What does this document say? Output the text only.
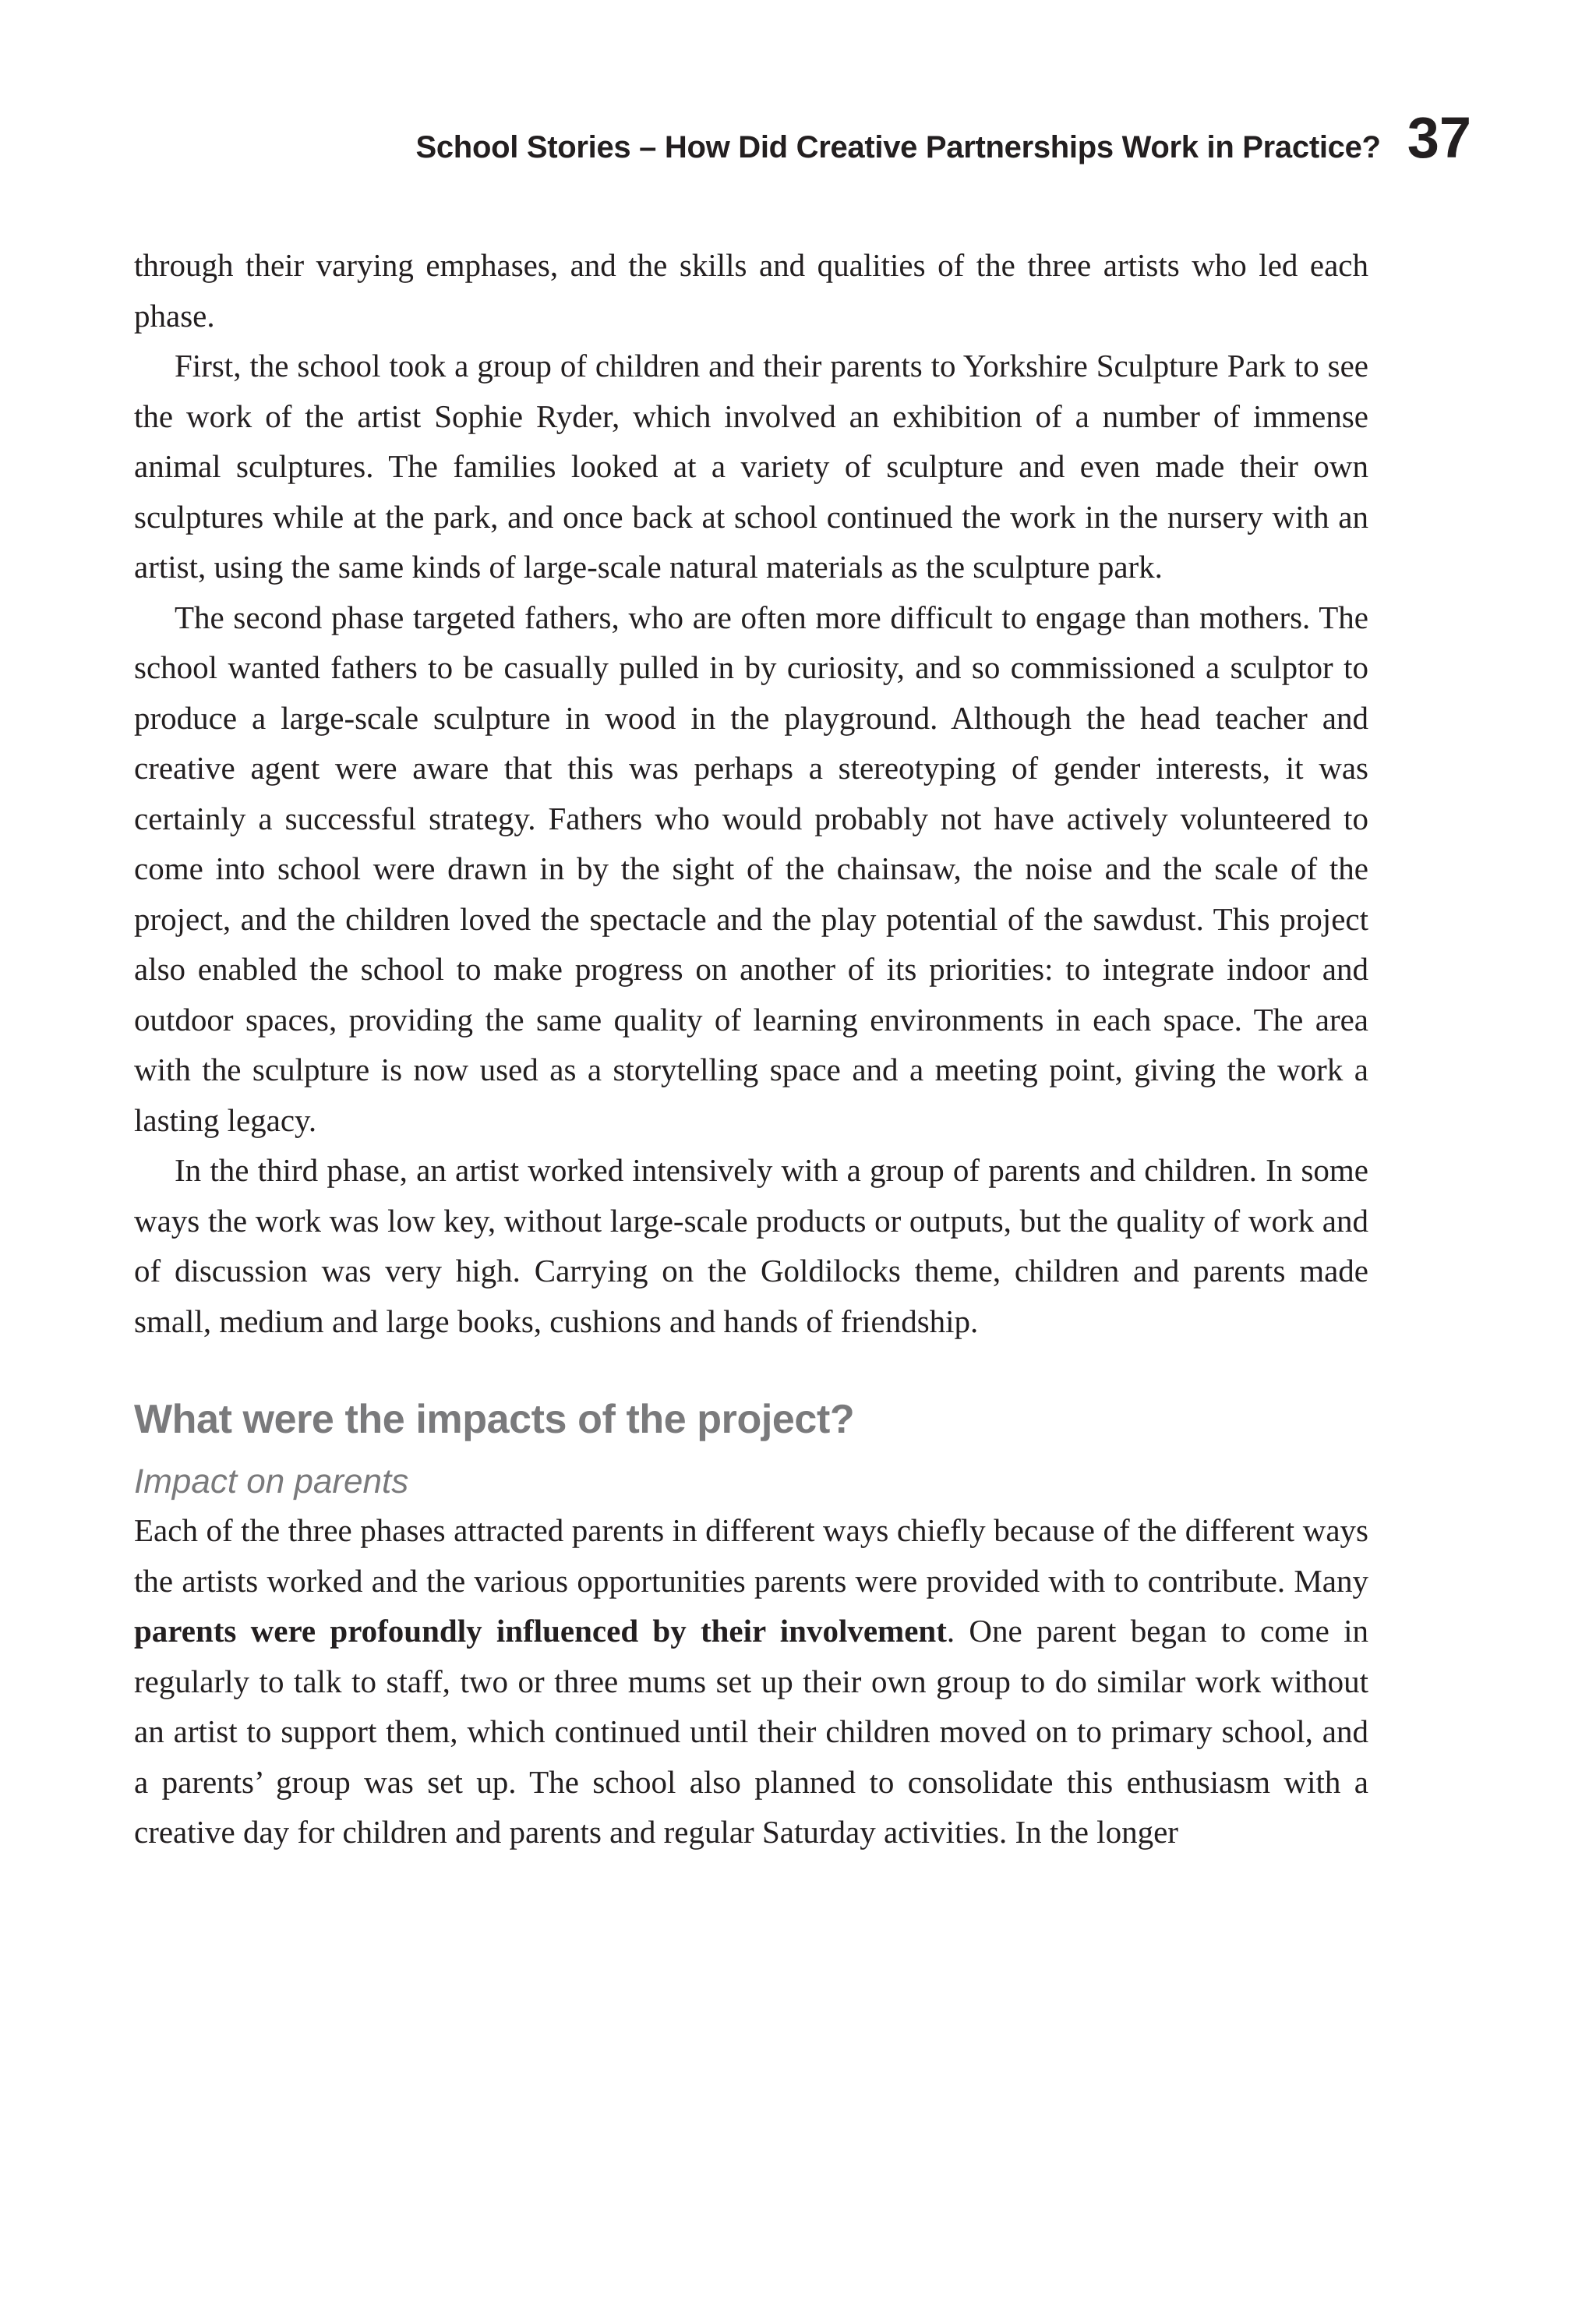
School Stories – How Did Creative Partnerships Work in Practice? 37

through their varying emphases, and the skills and qualities of the three artists who led each phase.

First, the school took a group of children and their parents to Yorkshire Sculpture Park to see the work of the artist Sophie Ryder, which involved an exhibition of a number of immense animal sculptures. The families looked at a variety of sculpture and even made their own sculptures while at the park, and once back at school continued the work in the nursery with an artist, using the same kinds of large-scale natural materials as the sculpture park.

The second phase targeted fathers, who are often more difficult to engage than mothers. The school wanted fathers to be casually pulled in by curiosity, and so commissioned a sculptor to produce a large-scale sculpture in wood in the playground. Although the head teacher and creative agent were aware that this was perhaps a stereotyping of gender interests, it was certainly a successful strategy. Fathers who would probably not have actively volunteered to come into school were drawn in by the sight of the chainsaw, the noise and the scale of the project, and the children loved the spectacle and the play potential of the sawdust. This project also enabled the school to make progress on another of its priorities: to integrate indoor and outdoor spaces, providing the same quality of learning environments in each space. The area with the sculpture is now used as a storytelling space and a meeting point, giving the work a lasting legacy.

In the third phase, an artist worked intensively with a group of parents and children. In some ways the work was low key, without large-scale products or outputs, but the quality of work and of discussion was very high. Carrying on the Goldilocks theme, children and parents made small, medium and large books, cushions and hands of friendship.

What were the impacts of the project?
Impact on parents

Each of the three phases attracted parents in different ways chiefly because of the different ways the artists worked and the various opportunities parents were provided with to contribute. Many parents were profoundly influenced by their involvement. One parent began to come in regularly to talk to staff, two or three mums set up their own group to do similar work without an artist to support them, which continued until their children moved on to primary school, and a parents’ group was set up. The school also planned to consolidate this enthusiasm with a creative day for children and parents and regular Saturday activities. In the longer
